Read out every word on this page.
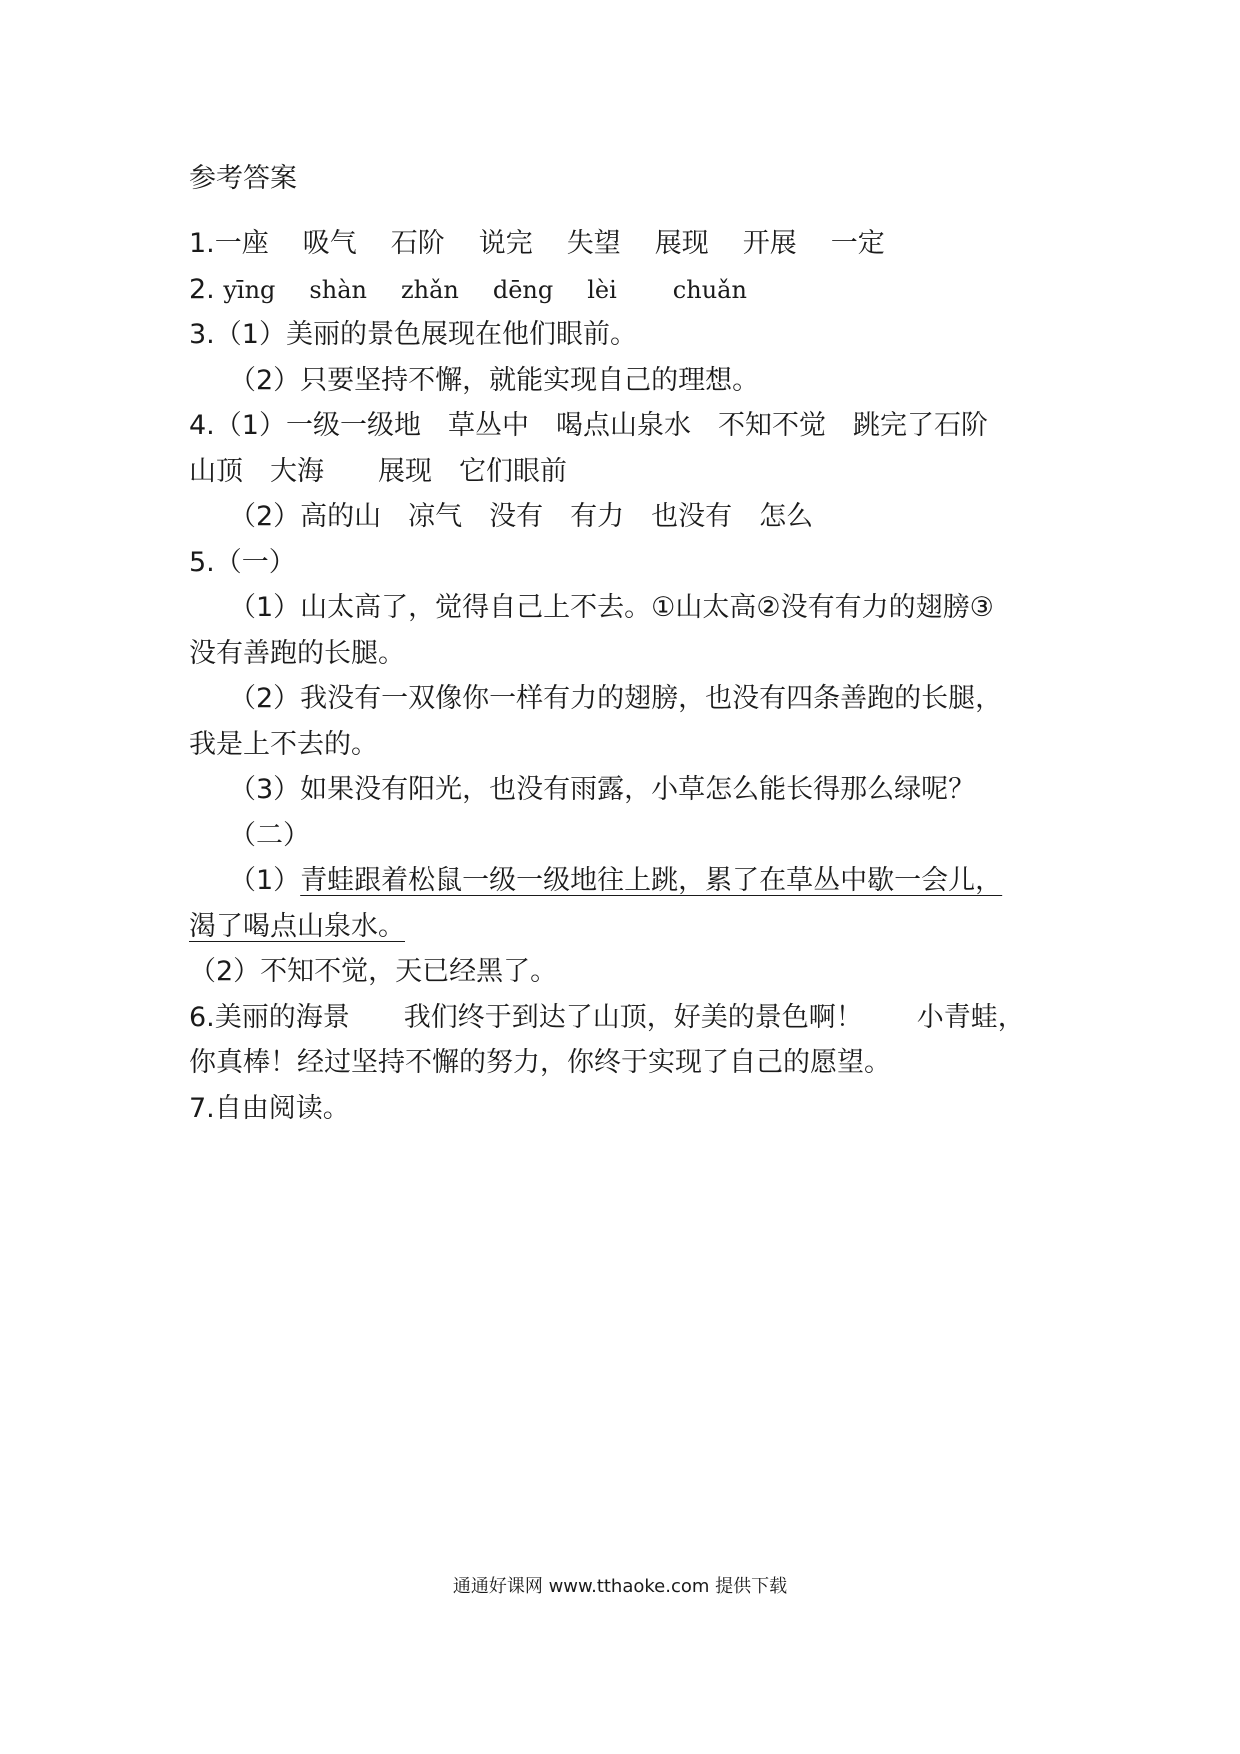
参考答案
1.一座 吸气 石阶 说完 失望 展现 开展 一定
2. yīng shàn zhǎn dēng lèi chuǎn
3.（1）美丽的景色展现在他们眼前。
（2）只要坚持不懈，就能实现自己的理想。
4.（1）一级一级地　草丛中　喝点山泉水　不知不觉　跳完了石阶
山顶　大海　　展现　它们眼前
（2）高的山　凉气　没有　有力　也没有　怎么
5.（一）
（1）山太高了，觉得自己上不去。①山太高②没有有力的翅膀③
没有善跑的长腿。
（2）我没有一双像你一样有力的翅膀，也没有四条善跑的长腿，
我是上不去的。
（3）如果没有阳光，也没有雨露，小草怎么能长得那么绿呢？
（二）
（1）青蛙跟着松鼠一级一级地往上跳，累了在草丛中歇一会儿，
渴了喝点山泉水。
（2）不知不觉，天已经黑了。
6.美丽的海景　　我们终于到达了山顶，好美的景色啊！　　小青蛙，
你真棒！经过坚持不懈的努力，你终于实现了自己的愿望。
7.自由阅读。
通通好课网 www.tthaoke.com 提供下载
